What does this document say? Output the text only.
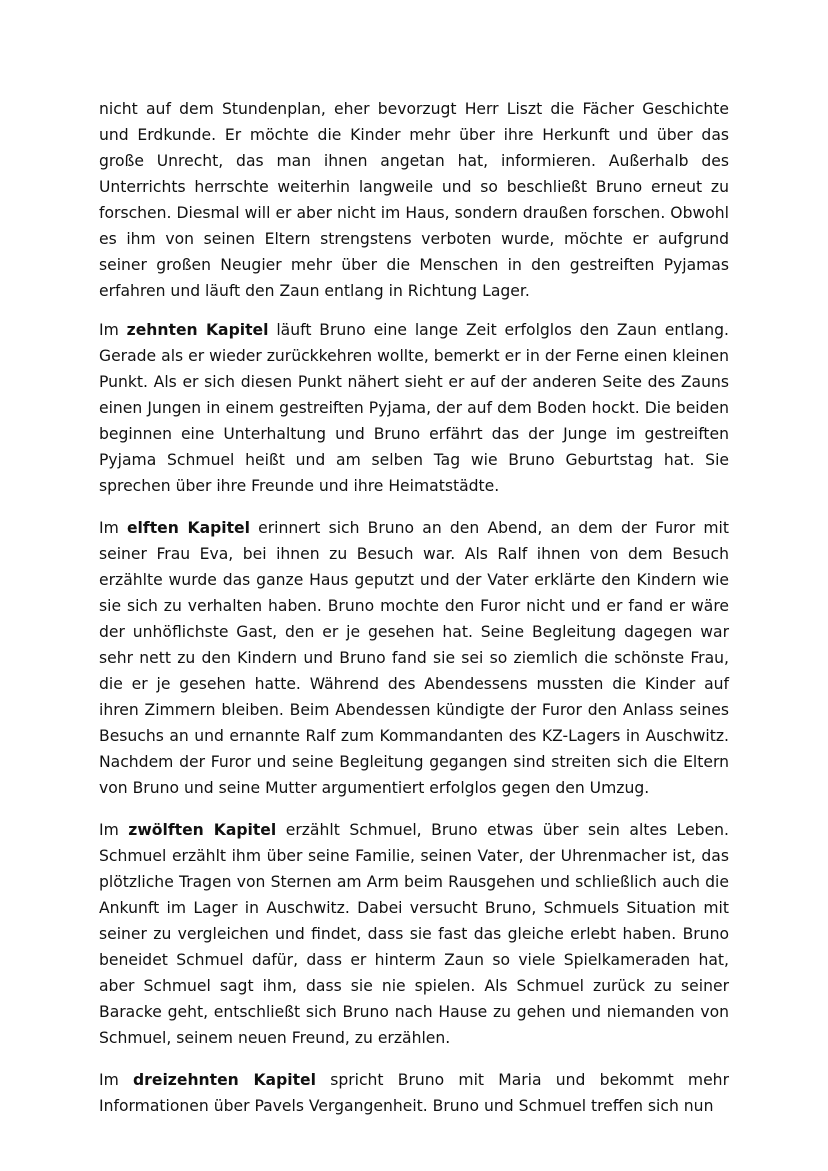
nicht auf dem Stundenplan, eher bevorzugt Herr Liszt die Fächer Geschichte und Erdkunde. Er möchte die Kinder mehr über ihre Herkunft und über das große Unrecht, das man ihnen angetan hat, informieren. Außerhalb des Unterrichts herrschte weiterhin langweile und so beschließt Bruno erneut zu forschen. Diesmal will er aber nicht im Haus, sondern draußen forschen. Obwohl es ihm von seinen Eltern strengstens verboten wurde, möchte er aufgrund seiner großen Neugier mehr über die Menschen in den gestreiften Pyjamas erfahren und läuft den Zaun entlang in Richtung Lager.

Im zehnten Kapitel läuft Bruno eine lange Zeit erfolglos den Zaun entlang. Gerade als er wieder zurückkehren wollte, bemerkt er in der Ferne einen kleinen Punkt. Als er sich diesen Punkt nähert sieht er auf der anderen Seite des Zauns einen Jungen in einem gestreiften Pyjama, der auf dem Boden hockt. Die beiden beginnen eine Unterhaltung und Bruno erfährt das der Junge im gestreiften Pyjama Schmuel heißt und am selben Tag wie Bruno Geburtstag hat. Sie sprechen über ihre Freunde und ihre Heimatstädte.

Im elften Kapitel erinnert sich Bruno an den Abend, an dem der Furor mit seiner Frau Eva, bei ihnen zu Besuch war. Als Ralf ihnen von dem Besuch erzählte wurde das ganze Haus geputzt und der Vater erklärte den Kindern wie sie sich zu verhalten haben. Bruno mochte den Furor nicht und er fand er wäre der unhöflichste Gast, den er je gesehen hat. Seine Begleitung dagegen war sehr nett zu den Kindern und Bruno fand sie sei so ziemlich die schönste Frau, die er je gesehen hatte. Während des Abendessens mussten die Kinder auf ihren Zimmern bleiben. Beim Abendessen kündigte der Furor den Anlass seines Besuchs an und ernannte Ralf zum Kommandanten des KZ-Lagers in Auschwitz. Nachdem der Furor und seine Begleitung gegangen sind streiten sich die Eltern von Bruno und seine Mutter argumentiert erfolglos gegen den Umzug.

Im zwölften Kapitel erzählt Schmuel, Bruno etwas über sein altes Leben. Schmuel erzählt ihm über seine Familie, seinen Vater, der Uhrenmacher ist, das plötzliche Tragen von Sternen am Arm beim Rausgehen und schließlich auch die Ankunft im Lager in Auschwitz. Dabei versucht Bruno, Schmuels Situation mit seiner zu vergleichen und findet, dass sie fast das gleiche erlebt haben. Bruno beneidet Schmuel dafür, dass er hinterm Zaun so viele Spielkameraden hat, aber Schmuel sagt ihm, dass sie nie spielen. Als Schmuel zurück zu seiner Baracke geht, entschließt sich Bruno nach Hause zu gehen und niemanden von Schmuel, seinem neuen Freund, zu erzählen.

Im dreizehnten Kapitel spricht Bruno mit Maria und bekommt mehr Informationen über Pavels Vergangenheit. Bruno und Schmuel treffen sich nun
